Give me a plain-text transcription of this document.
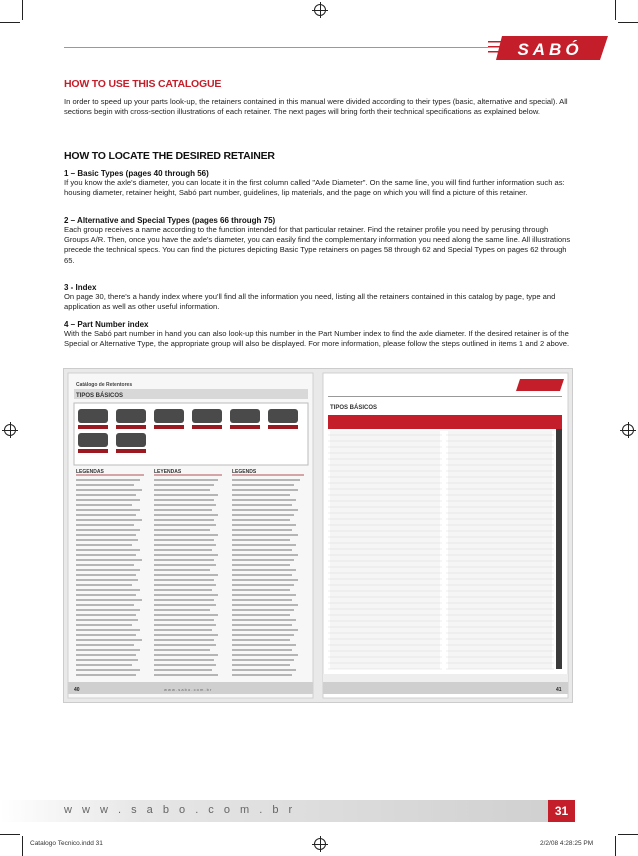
SABÓ
HOW TO USE THIS CATALOGUE
In order to speed up your parts look-up, the retainers contained in this manual were divided according to their types (basic, alternative and special). All sections begin with cross-section illustrations of each retainer. The next pages will bring forth their technical specifications as explained below.
HOW TO LOCATE THE DESIRED RETAINER
1 – Basic Types (pages 40 through 56)
If you know the axle's diameter, you can locate it in the first column called "Axle Diameter". On the same line, you will find further information such as: housing diameter, retainer height, Sabó part number, guidelines, lip materials, and the page on which you will find a picture of this retainer.
2 – Alternative and Special Types (pages 66 through 75)
Each group receives a name according to the function intended for that particular retainer. Find the retainer profile you need by perusing through Groups A/R. Then, once you have the axle's diameter, you can easily find the complementary information you need along the same line. All illustrations precede the technical specs. You can find the pictures depicting Basic Type retainers on pages 58 through 62 and Special Types on pages 62 through 65.
3 - Index
On page 30, there's a handy index where you'll find all the information you need, listing all the retainers contained in this catalog by page, type and application as well as other useful information.
4 – Part Number index
With the Sabó part number in hand you can also look-up this number in the Part Number index to find the axle diameter. If the desired retainer is of the Special or Alternative Type, the appropriate group will also be displayed. For more information, please follow the steps outlined in items 1 and 2 above.
Catálogo de Retentores
TIPOS BÁSICOS
LEGENDAS	LEYENDAS	LEGENDS
40	w w w . s a b o . c o m . b r
TIPOS BÁSICOS
41
w w w . s a b o . c o m . b r	31
Catalogo Tecnico.indd 31	2/2/08 4:28:25 PM
